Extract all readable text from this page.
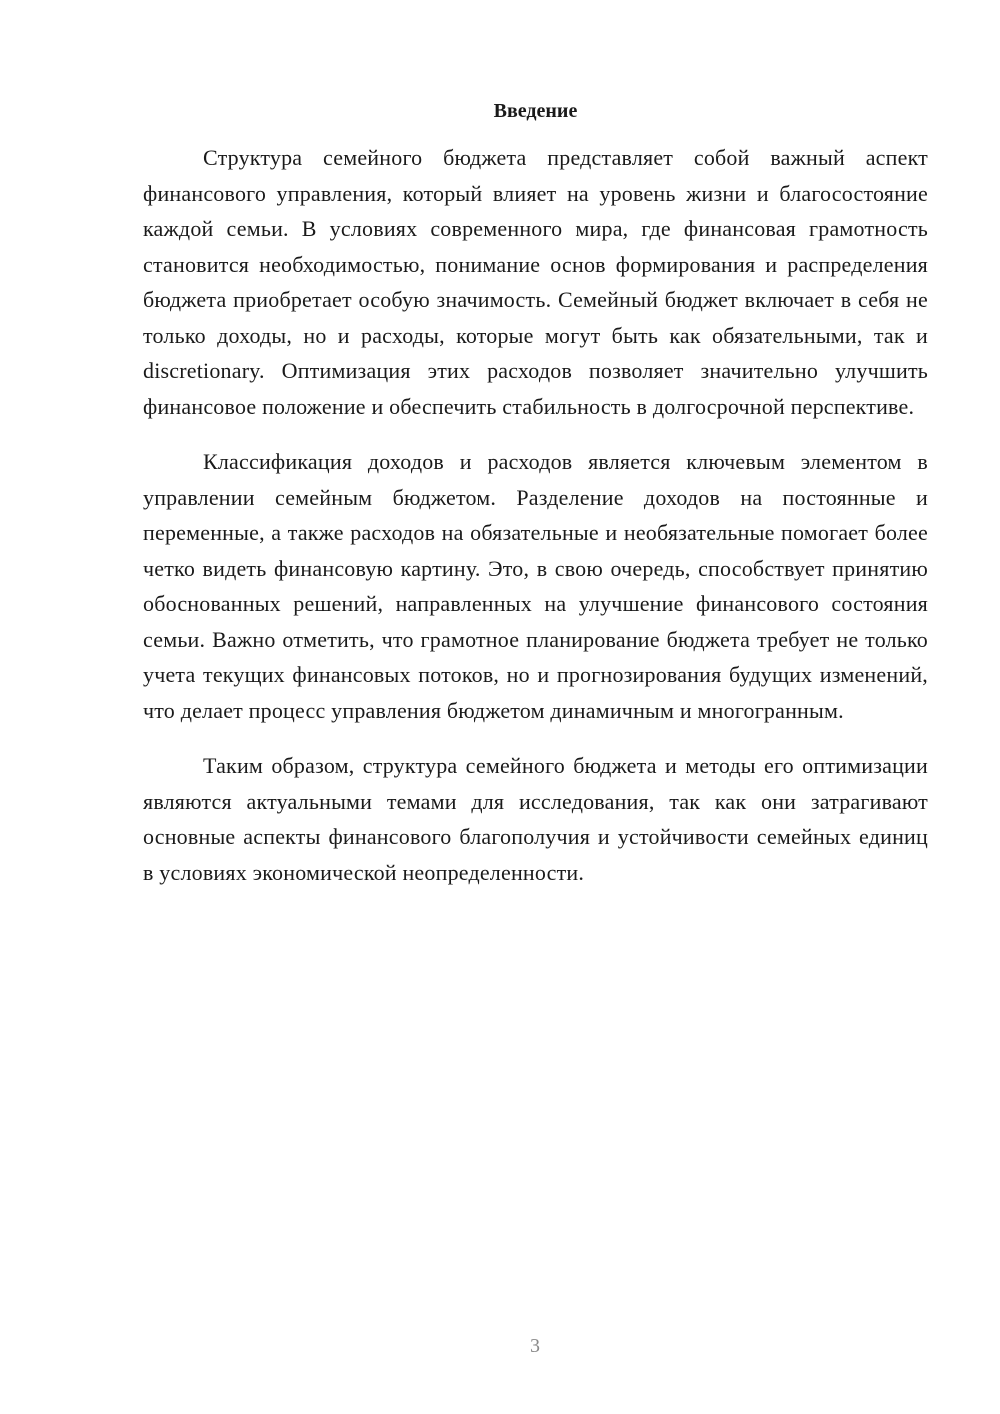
Введение

Структура семейного бюджета представляет собой важный аспект финансового управления, который влияет на уровень жизни и благосостояние каждой семьи. В условиях современного мира, где финансовая грамотность становится необходимостью, понимание основ формирования и распределения бюджета приобретает особую значимость. Семейный бюджет включает в себя не только доходы, но и расходы, которые могут быть как обязательными, так и discretionary. Оптимизация этих расходов позволяет значительно улучшить финансовое положение и обеспечить стабильность в долгосрочной перспективе.

Классификация доходов и расходов является ключевым элементом в управлении семейным бюджетом. Разделение доходов на постоянные и переменные, а также расходов на обязательные и необязательные помогает более четко видеть финансовую картину. Это, в свою очередь, способствует принятию обоснованных решений, направленных на улучшение финансового состояния семьи. Важно отметить, что грамотное планирование бюджета требует не только учета текущих финансовых потоков, но и прогнозирования будущих изменений, что делает процесс управления бюджетом динамичным и многогранным.

Таким образом, структура семейного бюджета и методы его оптимизации являются актуальными темами для исследования, так как они затрагивают основные аспекты финансового благополучия и устойчивости семейных единиц в условиях экономической неопределенности.

3
